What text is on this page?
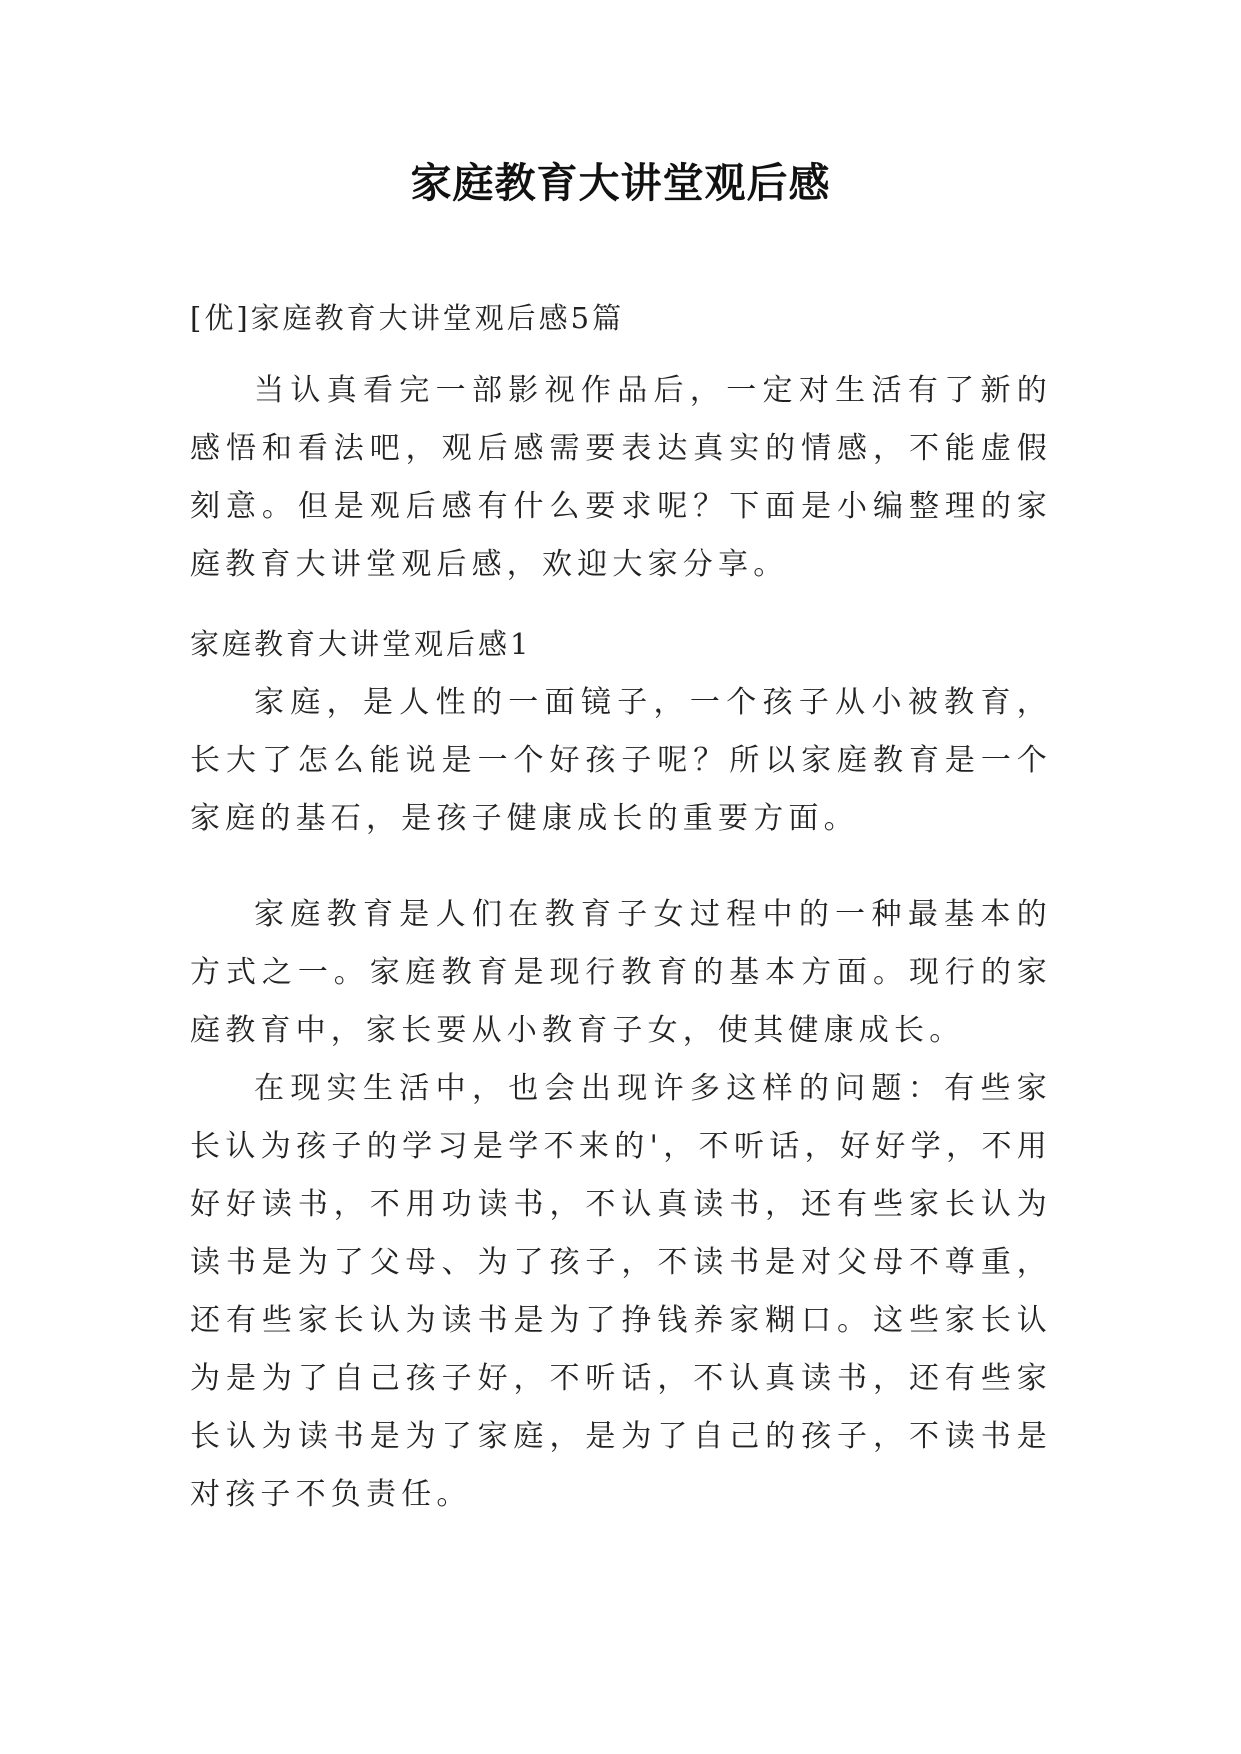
家庭教育大讲堂观后感
[优]家庭教育大讲堂观后感5篇

当认真看完一部影视作品后，一定对生活有了新的感悟和看法吧，观后感需要表达真实的情感，不能虚假刻意。但是观后感有什么要求呢？下面是小编整理的家庭教育大讲堂观后感，欢迎大家分享。

家庭教育大讲堂观后感1

家庭，是人性的一面镜子，一个孩子从小被教育，长大了怎么能说是一个好孩子呢？所以家庭教育是一个家庭的基石，是孩子健康成长的重要方面。

家庭教育是人们在教育子女过程中的一种最基本的方式之一。家庭教育是现行教育的基本方面。现行的家庭教育中，家长要从小教育子女，使其健康成长。

在现实生活中，也会出现许多这样的问题：有些家长认为孩子的学习是学不来的'，不听话，好好学，不用好好读书，不用功读书，不认真读书，还有些家长认为读书是为了父母、为了孩子，不读书是对父母不尊重，还有些家长认为读书是为了挣钱养家糊口。这些家长认为是为了自己孩子好，不听话，不认真读书，还有些家长认为读书是为了家庭，是为了自己的孩子，不读书是对孩子不负责任。
